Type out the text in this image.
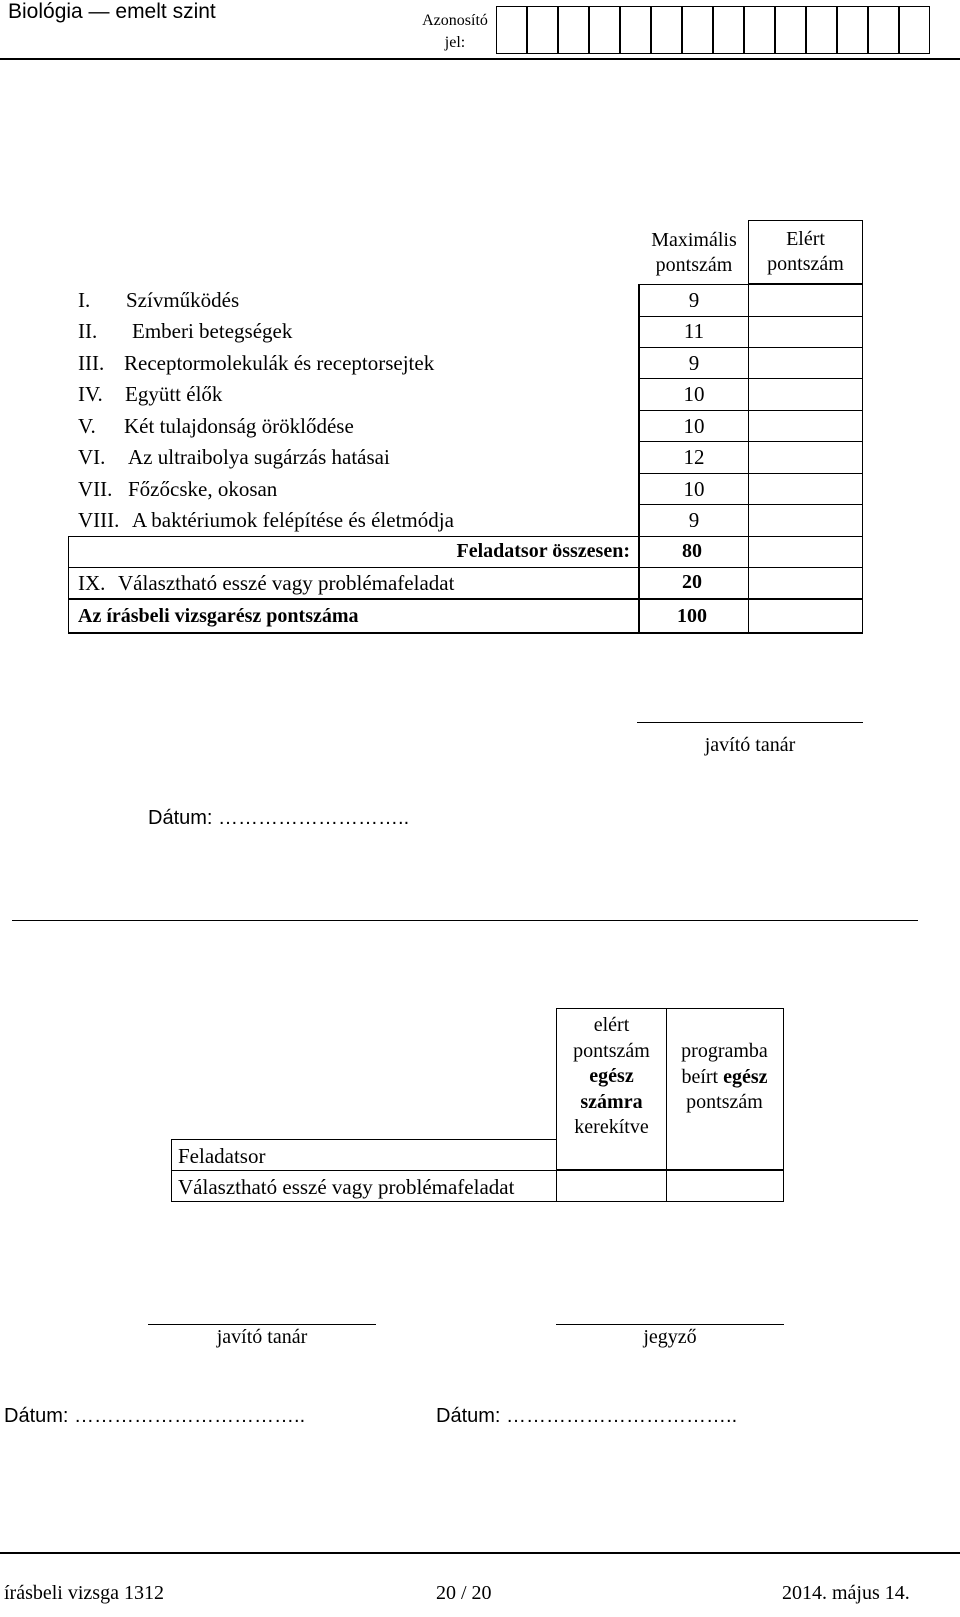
Biológia — emelt szint	Azonosító
jel:
Maximális
pontszám
Elért
pontszám
I. Szívműködés	9
II. Emberi betegségek	11
III. Receptormolekulák és receptorsejtek	9
IV. Együtt élők	10
V. Két tulajdonság öröklődése	10
VI. Az ultraibolya sugárzás hatásai	12
VII. Főzőcske, okosan	10
VIII. A baktériumok felépítése és életmódja	9
Feladatsor összesen:	80
IX. Választható esszé vagy problémafeladat	20
Az írásbeli vizsgarész pontszáma	100
javító tanár
Dátum: ………………………..
elért
pontszám
egész
számra
kerekítve
programba
beírt egész
pontszám
Feladatsor
Választható esszé vagy problémafeladat
javító tanár	jegyző
Dátum: ……………………………..	Dátum: ……………………………..
írásbeli vizsga 1312	20 / 20	2014. május 14.
